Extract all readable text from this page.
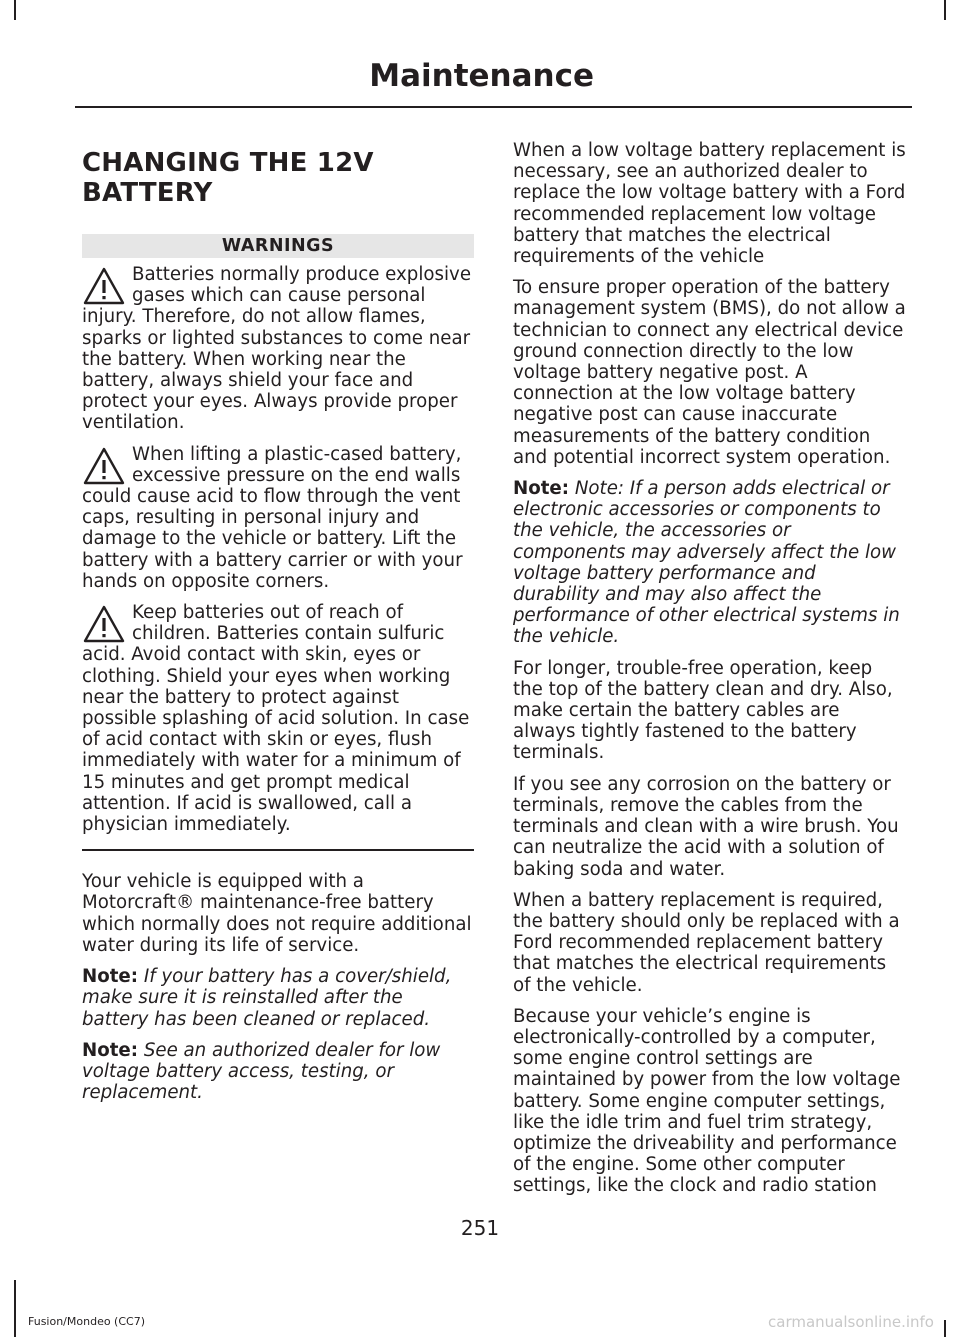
Maintenance
CHANGING THE 12V BATTERY
WARNINGS

Batteries normally produce explosive gases which can cause personal injury. Therefore, do not allow flames, sparks or lighted substances to come near the battery. When working near the battery, always shield your face and protect your eyes. Always provide proper ventilation.

When lifting a plastic-cased battery, excessive pressure on the end walls could cause acid to flow through the vent caps, resulting in personal injury and damage to the vehicle or battery. Lift the battery with a battery carrier or with your hands on opposite corners.

Keep batteries out of reach of children. Batteries contain sulfuric acid. Avoid contact with skin, eyes or clothing. Shield your eyes when working near the battery to protect against possible splashing of acid solution. In case of acid contact with skin or eyes, flush immediately with water for a minimum of 15 minutes and get prompt medical attention. If acid is swallowed, call a physician immediately.

Your vehicle is equipped with a Motorcraft® maintenance-free battery which normally does not require additional water during its life of service.

Note: If your battery has a cover/shield, make sure it is reinstalled after the battery has been cleaned or replaced.

Note: See an authorized dealer for low voltage battery access, testing, or replacement.

When a low voltage battery replacement is necessary, see an authorized dealer to replace the low voltage battery with a Ford recommended replacement low voltage battery that matches the electrical requirements of the vehicle

To ensure proper operation of the battery management system (BMS), do not allow a technician to connect any electrical device ground connection directly to the low voltage battery negative post. A connection at the low voltage battery negative post can cause inaccurate measurements of the battery condition and potential incorrect system operation.

Note: Note: If a person adds electrical or electronic accessories or components to the vehicle, the accessories or components may adversely affect the low voltage battery performance and durability and may also affect the performance of other electrical systems in the vehicle.

For longer, trouble-free operation, keep the top of the battery clean and dry. Also, make certain the battery cables are always tightly fastened to the battery terminals.

If you see any corrosion on the battery or terminals, remove the cables from the terminals and clean with a wire brush. You can neutralize the acid with a solution of baking soda and water.

When a battery replacement is required, the battery should only be replaced with a Ford recommended replacement battery that matches the electrical requirements of the vehicle.

Because your vehicle’s engine is electronically-controlled by a computer, some engine control settings are maintained by power from the low voltage battery. Some engine computer settings, like the idle trim and fuel trim strategy, optimize the driveability and performance of the engine. Some other computer settings, like the clock and radio station

251
Fusion/Mondeo (CC7)	carmanualsonline.info
